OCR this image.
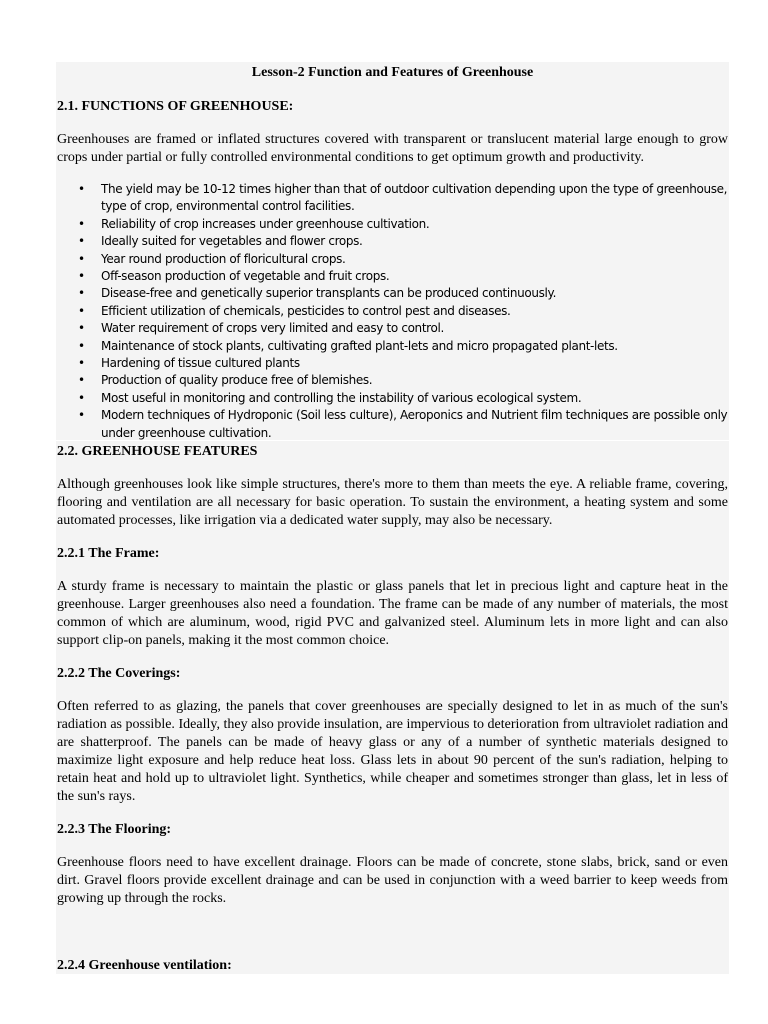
Lesson-2 Function and Features of Greenhouse
2.1. FUNCTIONS OF GREENHOUSE:

Greenhouses are framed or inflated structures covered with transparent or translucent material large enough to grow crops under partial or fully controlled environmental conditions to get optimum growth and productivity.

• The yield may be 10-12 times higher than that of outdoor cultivation depending upon the type of greenhouse, type of crop, environmental control facilities.
• Reliability of crop increases under greenhouse cultivation.
• Ideally suited for vegetables and flower crops.
• Year round production of floricultural crops.
• Off-season production of vegetable and fruit crops.
• Disease-free and genetically superior transplants can be produced continuously.
• Efficient utilization of chemicals, pesticides to control pest and diseases.
• Water requirement of crops very limited and easy to control.
• Maintenance of stock plants, cultivating grafted plant-lets and micro propagated plant-lets.
• Hardening of tissue cultured plants
• Production of quality produce free of blemishes.
• Most useful in monitoring and controlling the instability of various ecological system.
• Modern techniques of Hydroponic (Soil less culture), Aeroponics and Nutrient film techniques are possible only under greenhouse cultivation.
2.2. GREENHOUSE FEATURES

Although greenhouses look like simple structures, there's more to them than meets the eye. A reliable frame, covering, flooring and ventilation are all necessary for basic operation. To sustain the environment, a heating system and some automated processes, like irrigation via a dedicated water supply, may also be necessary.

2.2.1 The Frame:

A sturdy frame is necessary to maintain the plastic or glass panels that let in precious light and capture heat in the greenhouse. Larger greenhouses also need a foundation. The frame can be made of any number of materials, the most common of which are aluminum, wood, rigid PVC and galvanized steel. Aluminum lets in more light and can also support clip-on panels, making it the most common choice.

2.2.2 The Coverings:

Often referred to as glazing, the panels that cover greenhouses are specially designed to let in as much of the sun's radiation as possible. Ideally, they also provide insulation, are impervious to deterioration from ultraviolet radiation and are shatterproof. The panels can be made of heavy glass or any of a number of synthetic materials designed to maximize light exposure and help reduce heat loss. Glass lets in about 90 percent of the sun's radiation, helping to retain heat and hold up to ultraviolet light. Synthetics, while cheaper and sometimes stronger than glass, let in less of the sun's rays.

2.2.3 The Flooring:

Greenhouse floors need to have excellent drainage. Floors can be made of concrete, stone slabs, brick, sand or even dirt. Gravel floors provide excellent drainage and can be used in conjunction with a weed barrier to keep weeds from growing up through the rocks.

2.2.4 Greenhouse ventilation:
